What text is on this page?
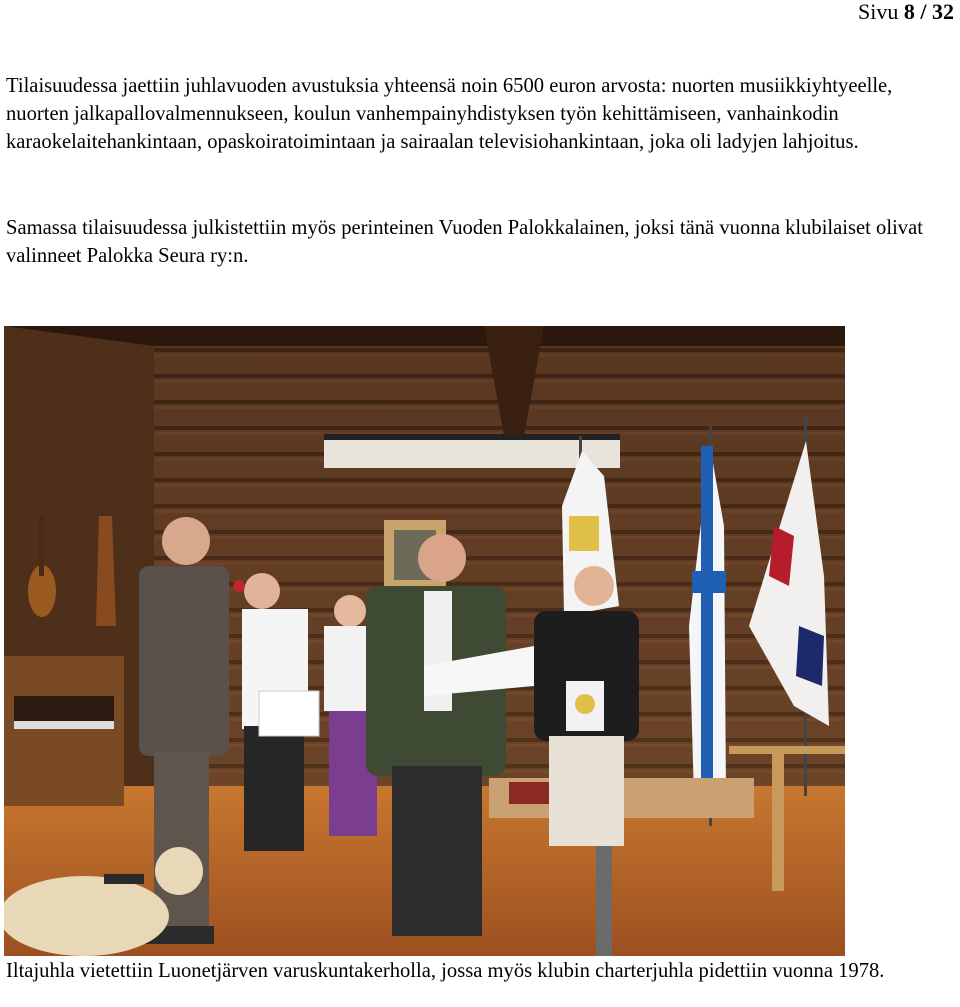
Sivu 8 / 32

Tilaisuudessa jaettiin juhlavuoden avustuksia yhteensä noin 6500 euron arvosta: nuorten musiikkiyhtyeelle, nuorten jalkapallovalmennukseen, koulun vanhempainyhdistyksen työn kehittämiseen, vanhainkodin karaokelaitehankintaan, opaskoiratoimintaan ja sairaalan televisiohankintaan, joka oli ladyjen lahjoitus.

Samassa tilaisuudessa julkistettiin myös perinteinen Vuoden Palokkalainen, joksi tänä vuonna klubilaiset olivat valinneet Palokka Seura ry:n.

Iltajuhla vietettiin Luonetjärven varuskuntakerholla, jossa myös klubin charterjuhla pidettiin vuonna 1978.
